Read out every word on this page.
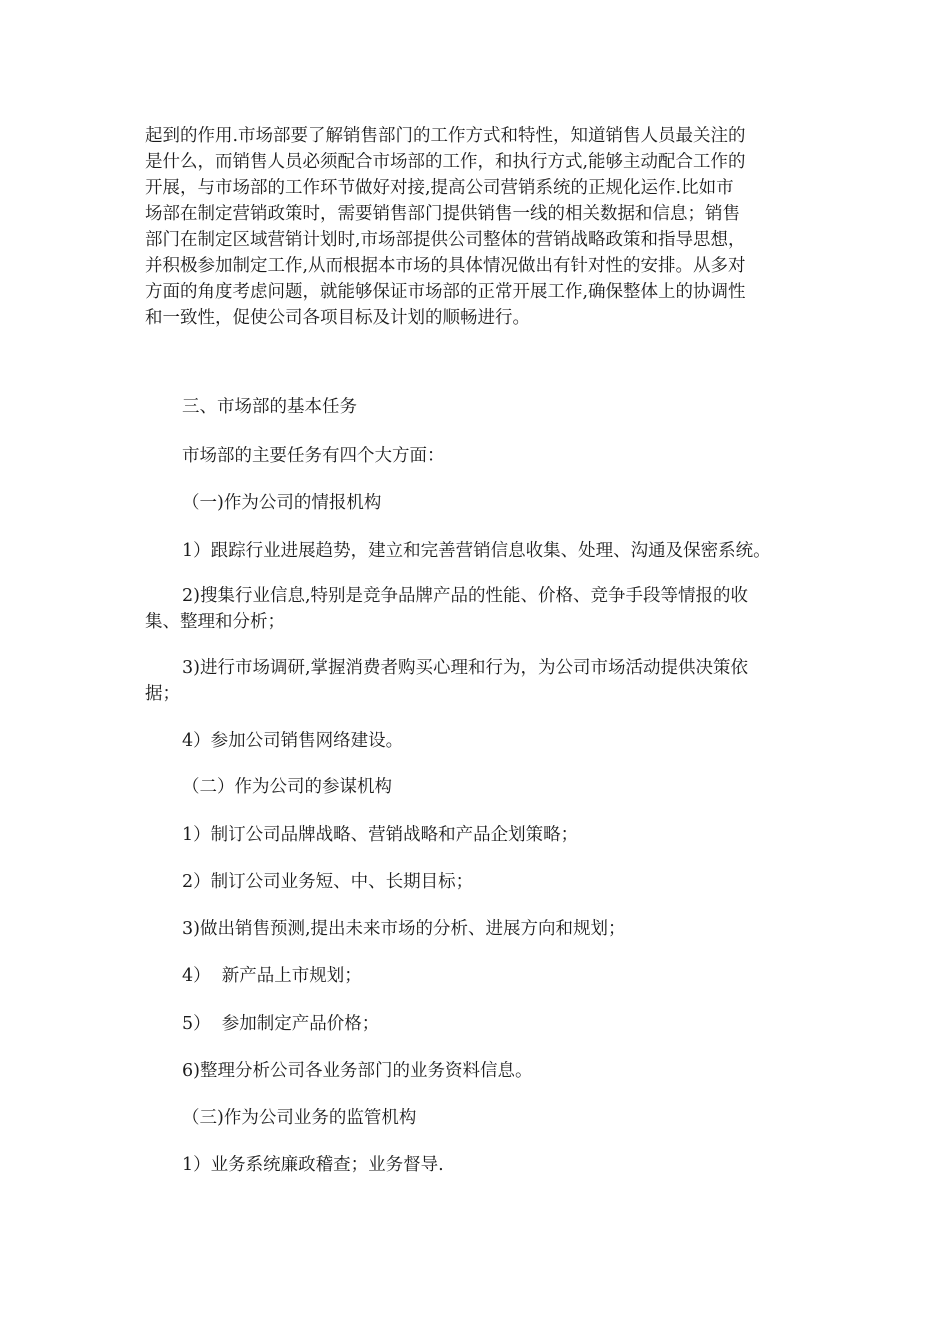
起到的作用.市场部要了解销售部门的工作方式和特性，知道销售人员最关注的
是什么，而销售人员必须配合市场部的工作，和执行方式,能够主动配合工作的
开展，与市场部的工作环节做好对接,提高公司营销系统的正规化运作.比如市
场部在制定营销政策时，需要销售部门提供销售一线的相关数据和信息；销售
部门在制定区域营销计划时,市场部提供公司整体的营销战略政策和指导思想，
并积极参加制定工作,从而根据本市场的具体情况做出有针对性的安排。从多对
方面的角度考虑问题，就能够保证市场部的正常开展工作,确保整体上的协调性
和一致性，促使公司各项目标及计划的顺畅进行。
三、市场部的基本任务
市场部的主要任务有四个大方面：
（一)作为公司的情报机构
1）跟踪行业进展趋势，建立和完善营销信息收集、处理、沟通及保密系统。
2)搜集行业信息,特别是竞争品牌产品的性能、价格、竞争手段等情报的收
集、整理和分析；
3)进行市场调研,掌握消费者购买心理和行为，为公司市场活动提供决策依
据；
4）参加公司销售网络建设。
（二）作为公司的参谋机构
1）制订公司品牌战略、营销战略和产品企划策略；
2）制订公司业务短、中、长期目标；
3)做出销售预测,提出未来市场的分析、进展方向和规划；
4）  新产品上市规划；
5）  参加制定产品价格；
6)整理分析公司各业务部门的业务资料信息。
（三)作为公司业务的监管机构
1）业务系统廉政稽查；业务督导.
